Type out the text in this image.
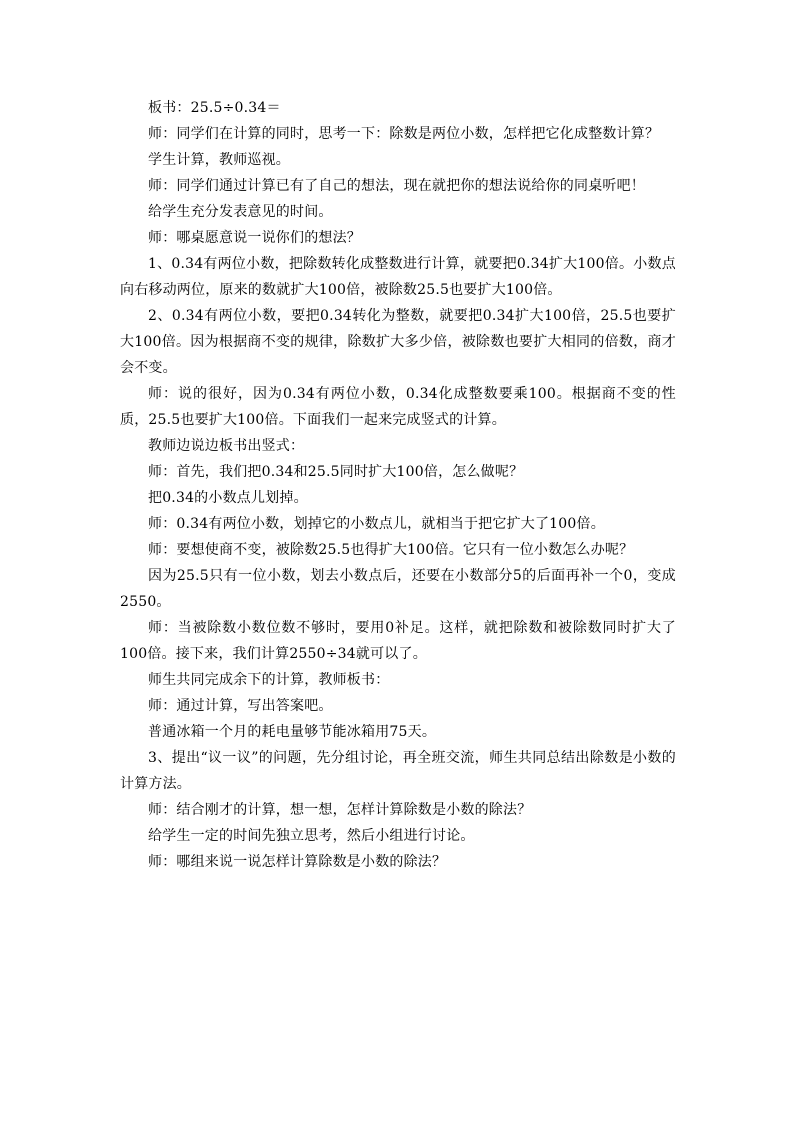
板书：25.5÷0.34＝

师：同学们在计算的同时，思考一下：除数是两位小数，怎样把它化成整数计算？

学生计算，教师巡视。

师：同学们通过计算已有了自己的想法，现在就把你的想法说给你的同桌听吧！

给学生充分发表意见的时间。

师：哪桌愿意说一说你们的想法？

1、0.34有两位小数，把除数转化成整数进行计算，就要把0.34扩大100倍。小数点向右移动两位，原来的数就扩大100倍，被除数25.5也要扩大100倍。

2、0.34有两位小数，要把0.34转化为整数，就要把0.34扩大100倍，25.5也要扩大100倍。因为根据商不变的规律，除数扩大多少倍，被除数也要扩大相同的倍数，商才会不变。

师：说的很好，因为0.34有两位小数，0.34化成整数要乘100。根据商不变的性质，25.5也要扩大100倍。下面我们一起来完成竖式的计算。

教师边说边板书出竖式：

师：首先，我们把0.34和25.5同时扩大100倍，怎么做呢？

把0.34的小数点儿划掉。

师：0.34有两位小数，划掉它的小数点儿，就相当于把它扩大了100倍。

师：要想使商不变，被除数25.5也得扩大100倍。它只有一位小数怎么办呢？

因为25.5只有一位小数，划去小数点后，还要在小数部分5的后面再补一个0，变成2550。

师：当被除数小数位数不够时，要用0补足。这样，就把除数和被除数同时扩大了100倍。接下来，我们计算2550÷34就可以了。

师生共同完成余下的计算，教师板书：

师：通过计算，写出答案吧。

普通冰箱一个月的耗电量够节能冰箱用75天。

3、提出“议一议”的问题，先分组讨论，再全班交流，师生共同总结出除数是小数的计算方法。

师：结合刚才的计算，想一想，怎样计算除数是小数的除法？

给学生一定的时间先独立思考，然后小组进行讨论。

师：哪组来说一说怎样计算除数是小数的除法？
